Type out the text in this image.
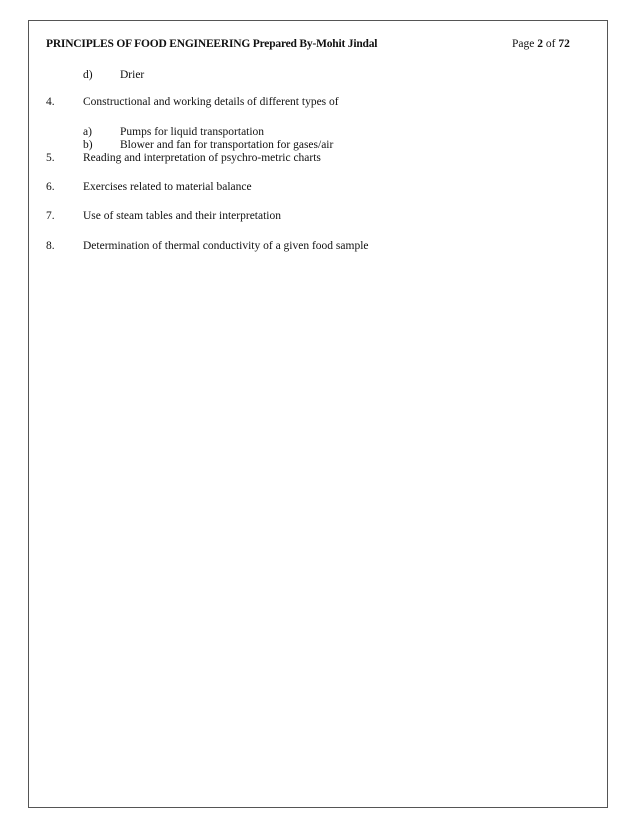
PRINCIPLES OF FOOD ENGINEERING Prepared By-Mohit Jindal	Page 2 of 72
d) Drier
4. Constructional and working details of different types of
a) Pumps for liquid transportation
b) Blower and fan for transportation for gases/air
5. Reading and interpretation of psychro-metric charts
6. Exercises related to material balance
7. Use of steam tables and their interpretation
8. Determination of thermal conductivity of a given food sample
